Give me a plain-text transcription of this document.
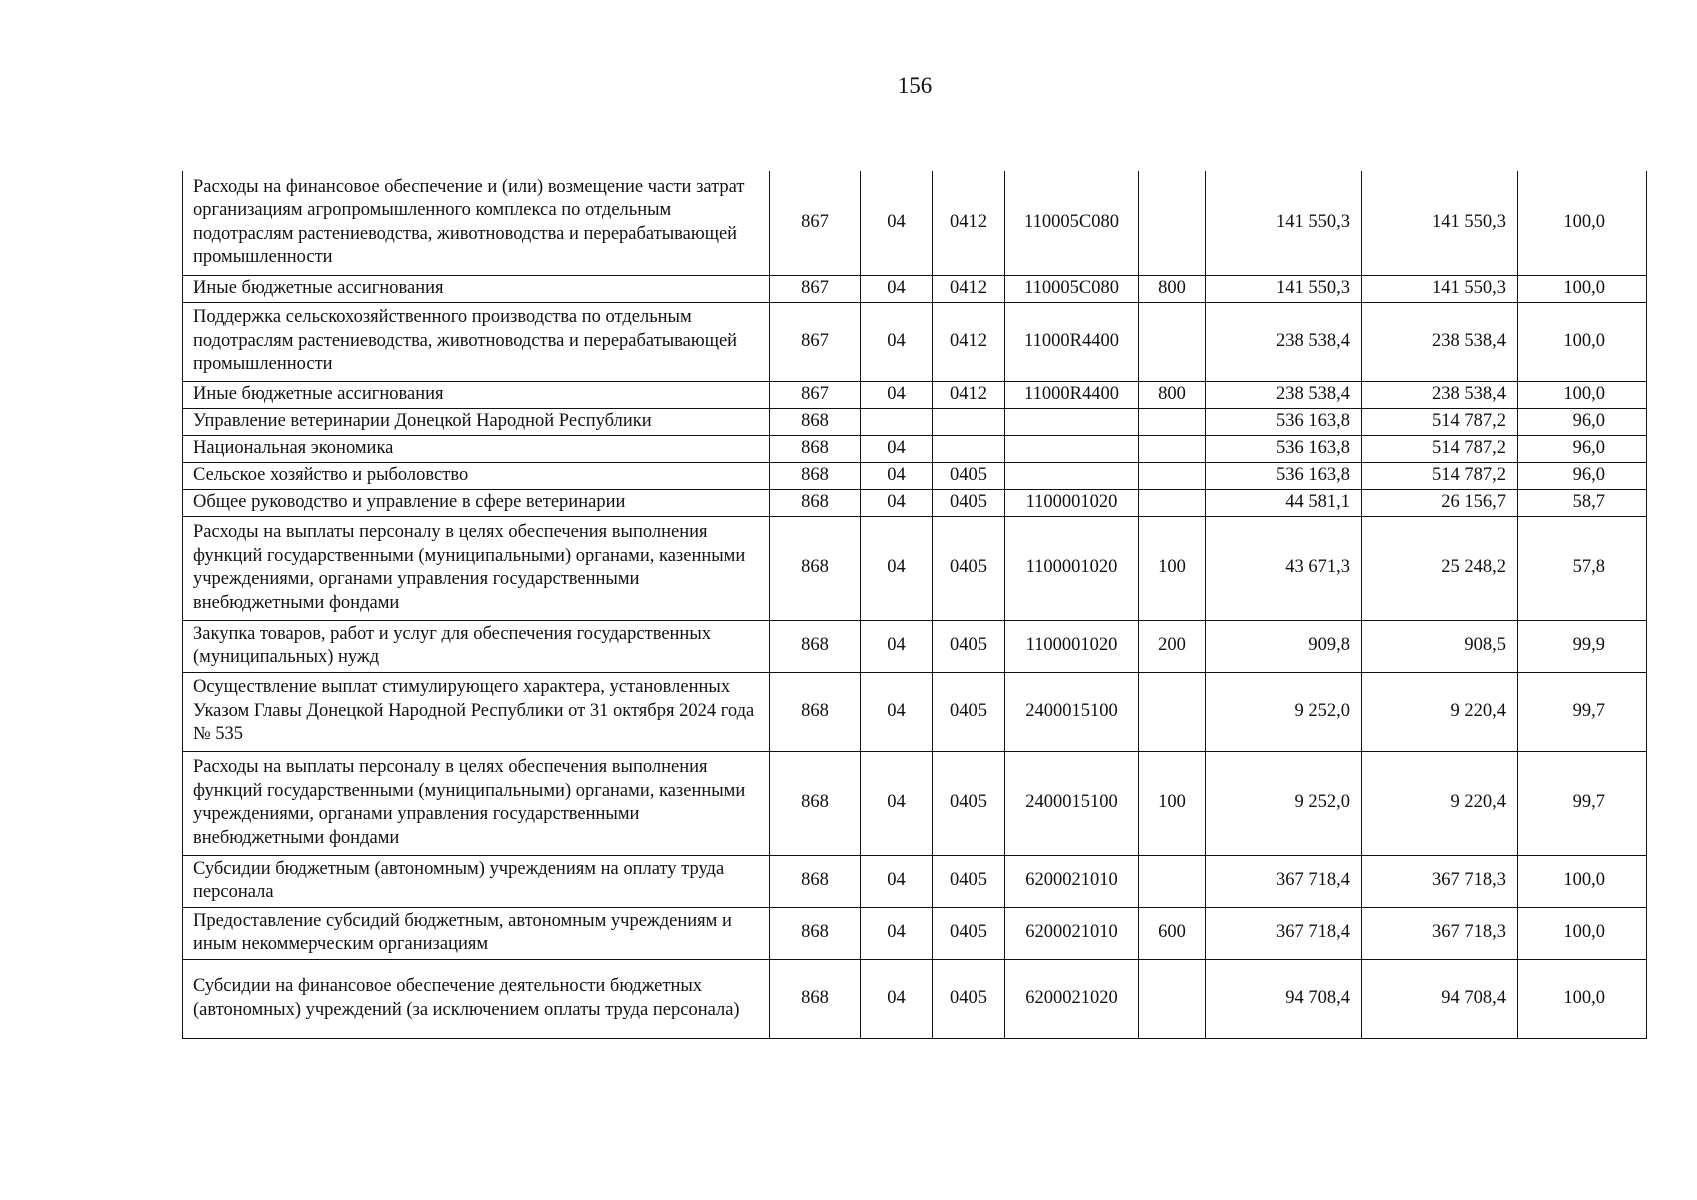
156
Расходы на финансовое обеспечение и (или) возмещение части затрат организациям агропромышленного комплекса по отдельным подотраслям растениеводства, животноводства и перерабатывающей промышленности	867	04	0412	110005С080		141 550,3	141 550,3	100,0
Иные бюджетные ассигнования	867	04	0412	110005С080	800	141 550,3	141 550,3	100,0
Поддержка сельскохозяйственного производства по отдельным подотраслям растениеводства, животноводства и перерабатывающей промышленности	867	04	0412	11000R4400		238 538,4	238 538,4	100,0
Иные бюджетные ассигнования	867	04	0412	11000R4400	800	238 538,4	238 538,4	100,0
Управление ветеринарии Донецкой Народной Республики	868					536 163,8	514 787,2	96,0
Национальная экономика	868	04				536 163,8	514 787,2	96,0
Сельское хозяйство и рыболовство	868	04	0405			536 163,8	514 787,2	96,0
Общее руководство и управление в сфере ветеринарии	868	04	0405	1100001020		44 581,1	26 156,7	58,7
Расходы на выплаты персоналу в целях обеспечения выполнения функций государственными (муниципальными) органами, казенными учреждениями, органами управления государственными внебюджетными фондами	868	04	0405	1100001020	100	43 671,3	25 248,2	57,8
Закупка товаров, работ и услуг для обеспечения государственных (муниципальных) нужд	868	04	0405	1100001020	200	909,8	908,5	99,9
Осуществление выплат стимулирующего характера, установленных Указом Главы Донецкой Народной Республики от 31 октября 2024 года № 535	868	04	0405	2400015100		9 252,0	9 220,4	99,7
Расходы на выплаты персоналу в целях обеспечения выполнения функций государственными (муниципальными) органами, казенными учреждениями, органами управления государственными внебюджетными фондами	868	04	0405	2400015100	100	9 252,0	9 220,4	99,7
Субсидии бюджетным (автономным) учреждениям на оплату труда персонала	868	04	0405	6200021010		367 718,4	367 718,3	100,0
Предоставление субсидий бюджетным, автономным учреждениям и иным некоммерческим организациям	868	04	0405	6200021010	600	367 718,4	367 718,3	100,0
Субсидии на финансовое обеспечение деятельности бюджетных (автономных) учреждений (за исключением оплаты труда персонала)	868	04	0405	6200021020		94 708,4	94 708,4	100,0
